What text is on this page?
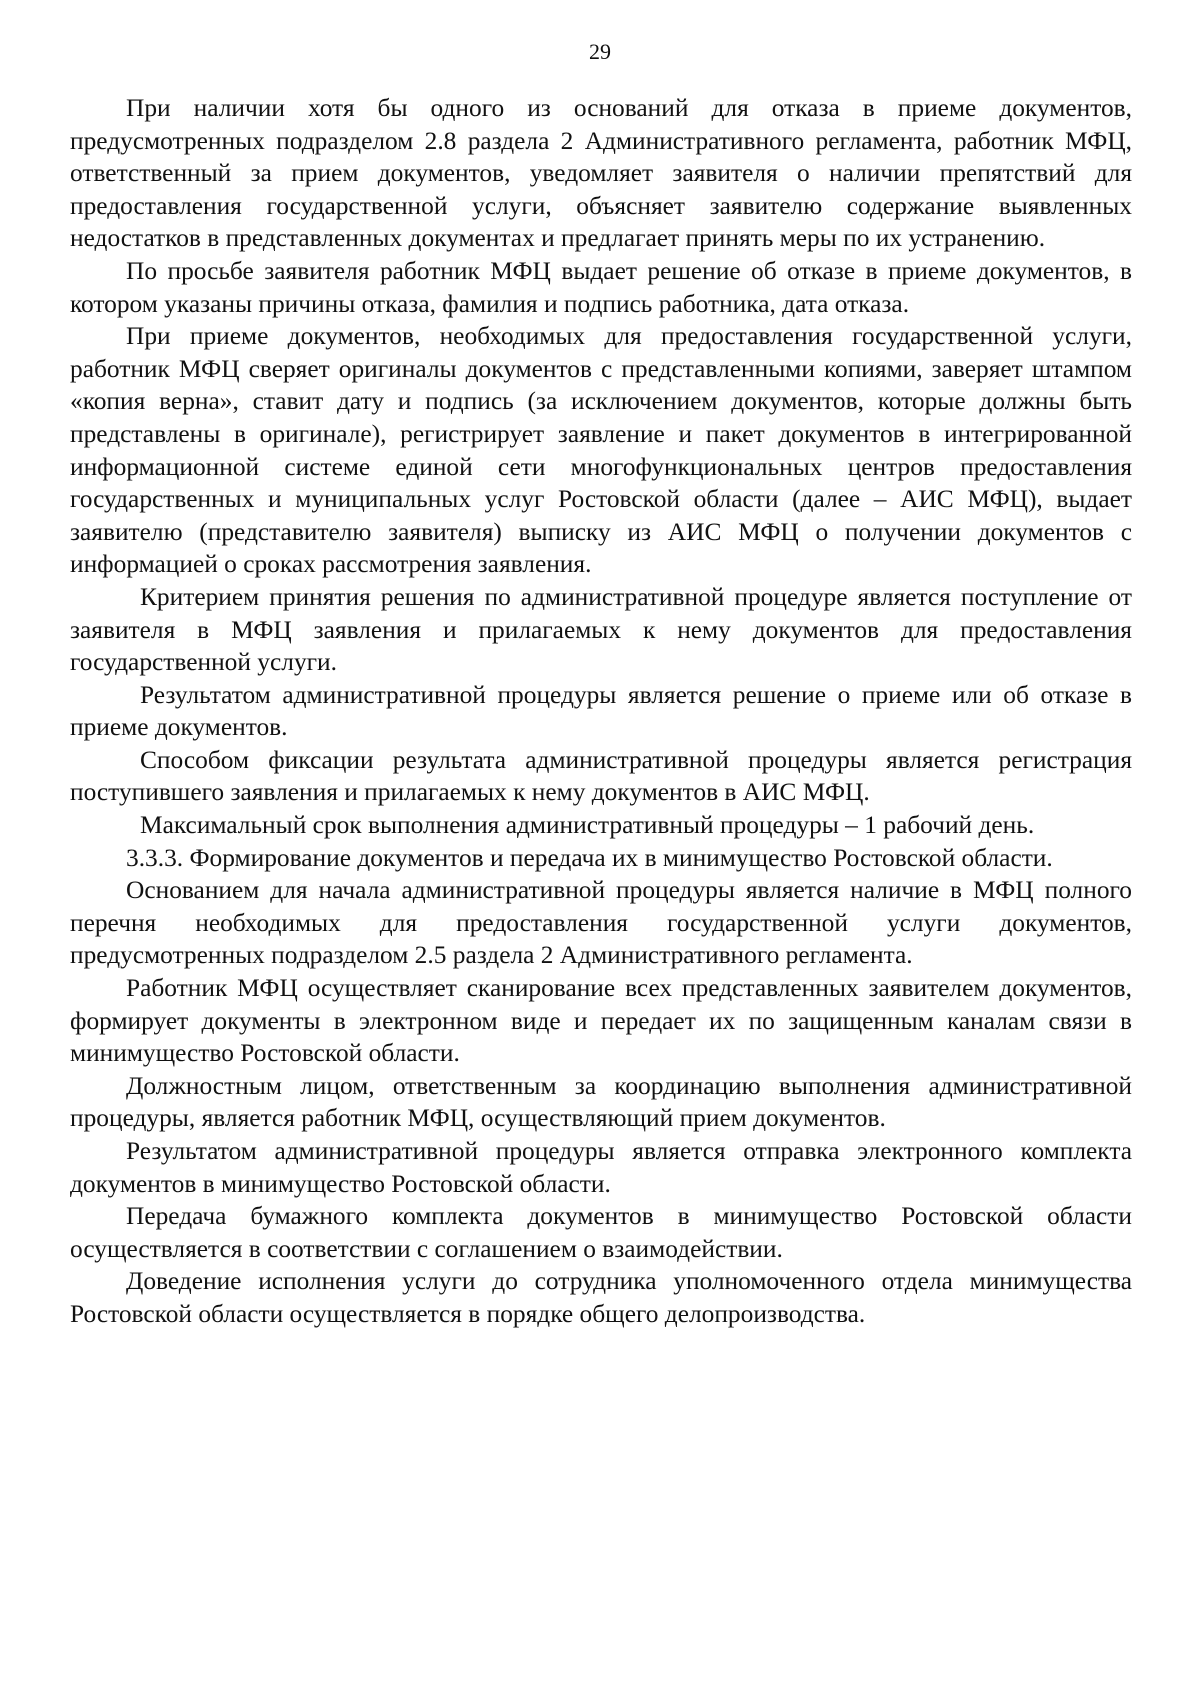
29

При наличии хотя бы одного из оснований для отказа в приеме документов, предусмотренных подразделом 2.8 раздела 2 Административного регламента, работник МФЦ, ответственный за прием документов, уведомляет заявителя о наличии препятствий для предоставления государственной услуги, объясняет заявителю содержание выявленных недостатков в представленных документах и предлагает принять меры по их устранению.

По просьбе заявителя работник МФЦ выдает решение об отказе в приеме документов, в котором указаны причины отказа, фамилия и подпись работника, дата отказа.

При приеме документов, необходимых для предоставления государственной услуги, работник МФЦ сверяет оригиналы документов с представленными копиями, заверяет штампом «копия верна», ставит дату и подпись (за исключением документов, которые должны быть представлены в оригинале), регистрирует заявление и пакет документов в интегрированной информационной системе единой сети многофункциональных центров предоставления государственных и муниципальных услуг Ростовской области (далее – АИС МФЦ), выдает заявителю (представителю заявителя) выписку из АИС МФЦ о получении документов с информацией о сроках рассмотрения заявления.

Критерием принятия решения по административной процедуре является поступление от заявителя в МФЦ заявления и прилагаемых к нему документов для предоставления государственной услуги.

Результатом административной процедуры является решение о приеме или об отказе в приеме документов.

Способом фиксации результата административной процедуры является регистрация поступившего заявления и прилагаемых к нему документов в АИС МФЦ.

Максимальный срок выполнения административный процедуры – 1 рабочий день.

3.3.3. Формирование документов и передача их в минимущество Ростовской области.

Основанием для начала административной процедуры является наличие в МФЦ полного перечня необходимых для предоставления государственной услуги документов, предусмотренных подразделом 2.5 раздела 2 Административного регламента.

Работник МФЦ осуществляет сканирование всех представленных заявителем документов, формирует документы в электронном виде и передает их по защищенным каналам связи в минимущество Ростовской области.

Должностным лицом, ответственным за координацию выполнения административной процедуры, является работник МФЦ, осуществляющий прием документов.

Результатом административной процедуры является отправка электронного комплекта документов в минимущество Ростовской области.

Передача бумажного комплекта документов в минимущество Ростовской области осуществляется в соответствии с соглашением о взаимодействии.

Доведение исполнения услуги до сотрудника уполномоченного отдела минимущества Ростовской области осуществляется в порядке общего делопроизводства.
